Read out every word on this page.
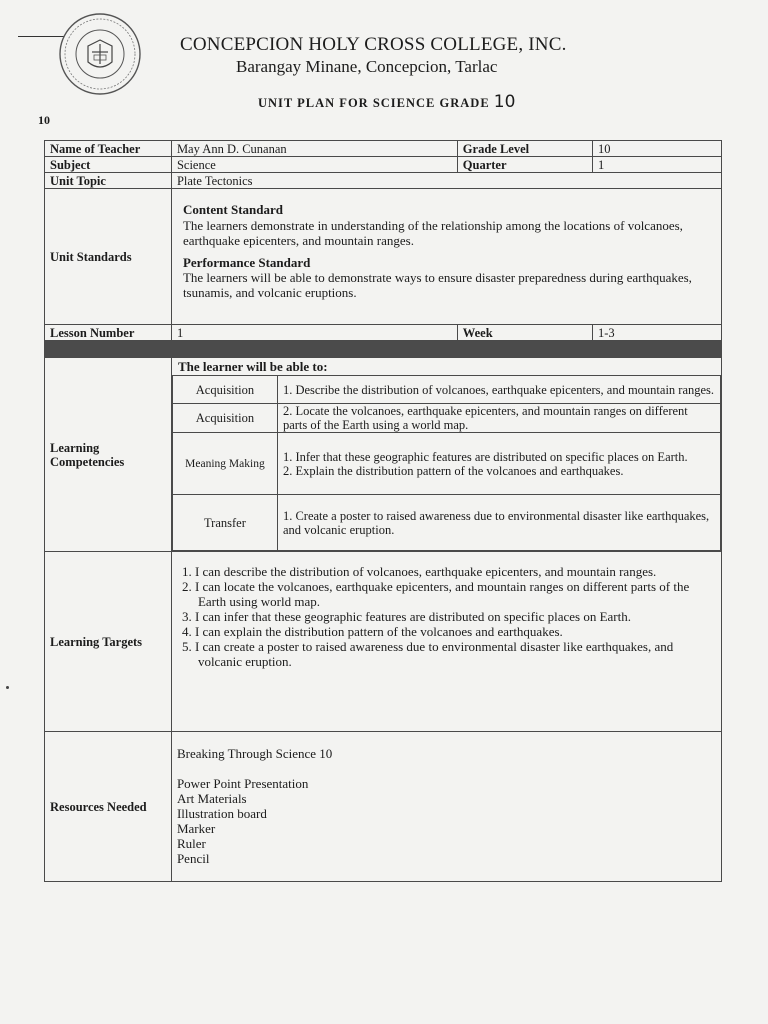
CONCEPCION HOLY CROSS COLLEGE, INC.
Barangay Minane, Concepcion, Tarlac
UNIT PLAN FOR SCIENCE GRADE 10
10
Name of Teacher	May Ann D. Cunanan	Grade Level	10
Subject	Science	Quarter	1
Unit Topic	Plate Tectonics
Unit Standards	
Content Standard
The learners demonstrate in understanding of the relationship among the locations of volcanoes, earthquake epicenters, and mountain ranges.
Performance Standard
The learners will be able to demonstrate ways to ensure disaster preparedness during earthquakes, tsunamis, and volcanic eruptions.

Lesson Number	1	Week	1-3

Learning Competencies	
The learner will be able to:
Acquisition	1. Describe the distribution of volcanoes, earthquake epicenters, and mountain ranges.
Acquisition	2. Locate the volcanoes, earthquake epicenters, and mountain ranges on different parts of the Earth using a world map.
Meaning Making	1. Infer that these geographic features are distributed on specific places on Earth.
2. Explain the distribution pattern of the volcanoes and earthquakes.

Transfer	1. Create a poster to raised awareness due to environmental disaster like earthquakes, and volcanic eruption.

Learning Targets	
1. I can describe the distribution of volcanoes, earthquake epicenters, and mountain ranges.
2. I can locate the volcanoes, earthquake epicenters, and mountain ranges on different parts of the Earth using world map.
3. I can infer that these geographic features are distributed on specific places on Earth.
4. I can explain the distribution pattern of the volcanoes and earthquakes.
5. I can create a poster to raised awareness due to environmental disaster like earthquakes, and volcanic eruption.

Resources Needed	

Breaking Through Science 10

Power Point Presentation

Art Materials

Illustration board

Marker

Ruler

Pencil
